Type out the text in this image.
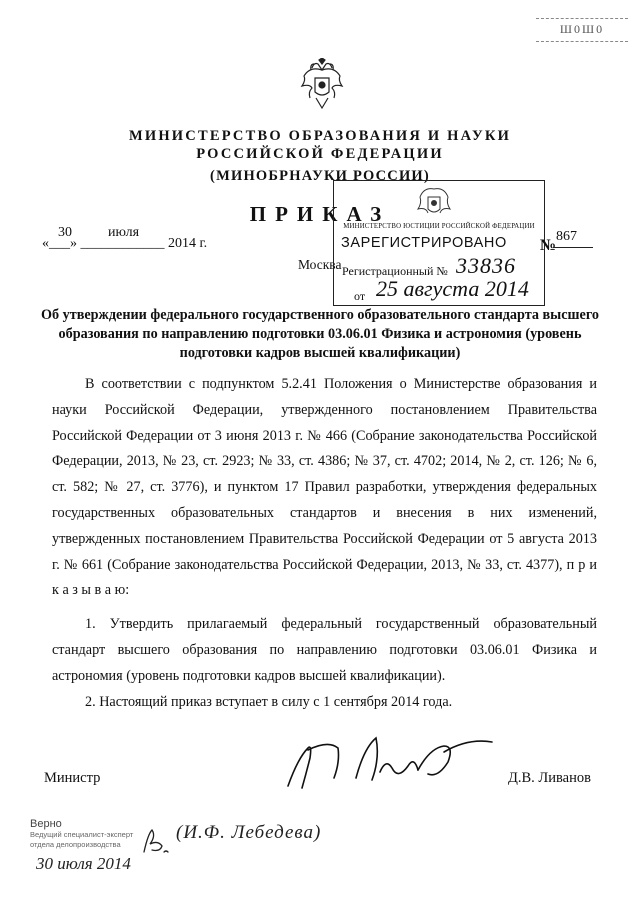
Ш0Ш0
МИНИСТЕРСТВО ОБРАЗОВАНИЯ И НАУКИ
РОССИЙСКОЙ ФЕДЕРАЦИИ
(МИНОБРНАУКИ РОССИИ)
ПРИКАЗ
30	июля
«___» ____________ 2014 г.
Москва
МИНИСТЕРСТВО ЮСТИЦИИ РОССИЙСКОЙ ФЕДЕРАЦИИ
ЗАРЕГИСТРИРОВАНО
Регистрационный № 33836
от 25 августа 2014
№
867
Об утверждении федерального государственного образовательного стандарта высшего образования по направлению подготовки 03.06.01 Физика и астрономия (уровень подготовки кадров высшей квалификации)
В соответствии с подпунктом 5.2.41 Положения о Министерстве образования и науки Российской Федерации, утвержденного постановлением Правительства Российской Федерации от 3 июня 2013 г. № 466 (Собрание законодательства Российской Федерации, 2013, № 23, ст. 2923; № 33, ст. 4386; № 37, ст. 4702; 2014, № 2, ст. 126; № 6, ст. 582; № 27, ст. 3776), и пунктом 17 Правил разработки, утверждения федеральных государственных образовательных стандартов и внесения в них изменений, утвержденных постановлением Правительства Российской Федерации от 5 августа 2013 г. № 661 (Собрание законодательства Российской Федерации, 2013, № 33, ст. 4377), п р и к а з ы в а ю:
1. Утвердить прилагаемый федеральный государственный образовательный стандарт высшего образования по направлению подготовки 03.06.01 Физика и астрономия (уровень подготовки кадров высшей квалификации).
2. Настоящий приказ вступает в силу с 1 сентября 2014 года.
Министр	Д.В. Ливанов
Верно
Ведущий специалист-эксперт
отдела делопроизводства
(И.Ф. Лебедева)
30 июля 2014
